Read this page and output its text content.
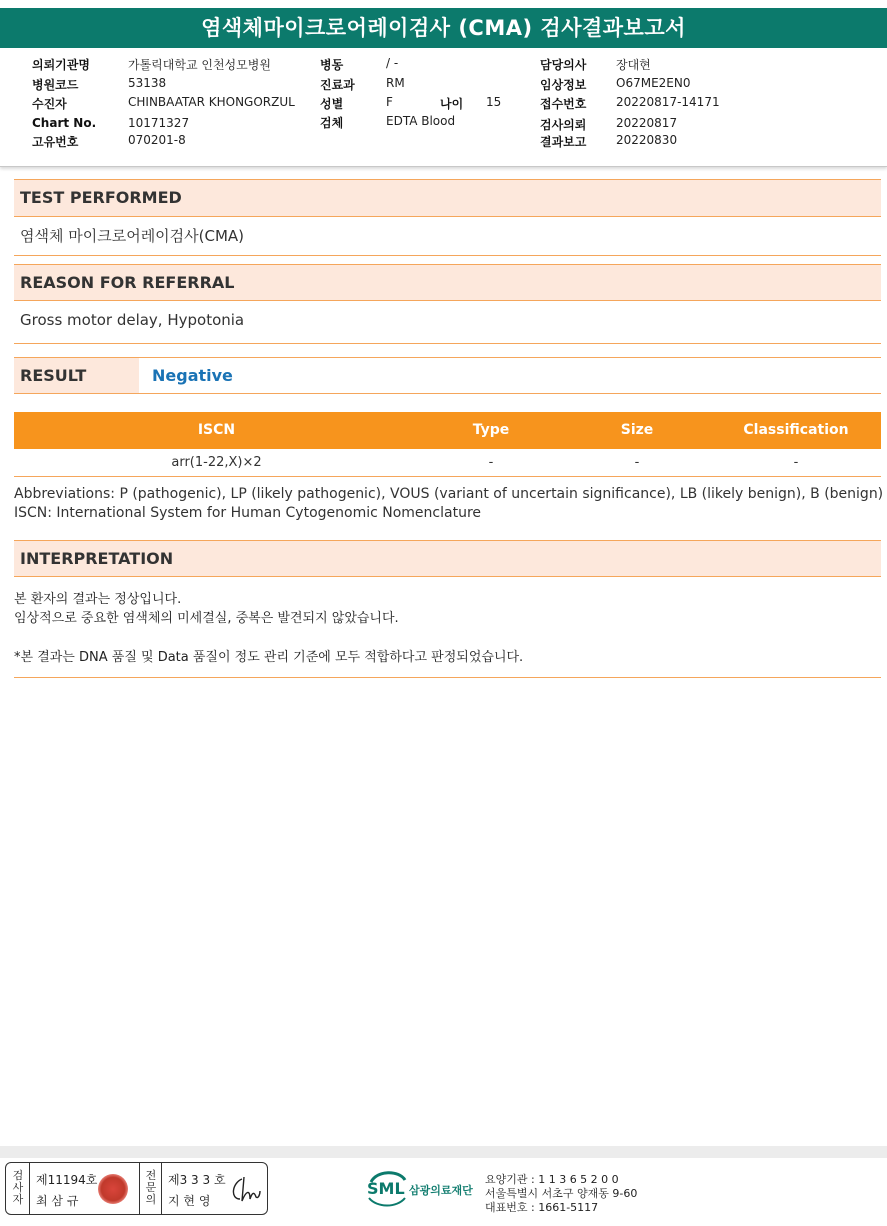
염색체마이크로어레이검사 (CMA) 검사결과보고서
의뢰기관명	가톨릭대학교 인천성모병원
병원코드	53138
수진자	CHINBAATAR KHONGORZUL
Chart No.	10171327
고유번호	070201-8
병동	/ -
진료과	RM
성별	F	나이 15
검체	EDTA Blood
담당의사 장대현
임상정보 O67ME2EN0
접수번호 20220817-14171
검사의뢰 20220817
결과보고 20220830
TEST PERFORMED
염색체 마이크로어레이검사(CMA)
REASON FOR REFERRAL
Gross motor delay, Hypotonia
RESULT	Negative
ISCN	Type	Size	Classification
arr(1-22,X)×2	-	-	-
Abbreviations: P (pathogenic), LP (likely pathogenic), VOUS (variant of uncertain significance), LB (likely benign), B (benign)
ISCN: International System for Human Cytogenomic Nomenclature
INTERPRETATION
본 환자의 결과는 정상입니다.
임상적으로 중요한 염색체의 미세결실, 중복은 발견되지 않았습니다.
*본 결과는 DNA 품질 및 Data 품질이 정도 관리 기준에 모두 적합하다고 판정되었습니다.
검
사
자
제11194호
최 삼 규
전
문
의
제3 3 3 호
지 현 영
SML 삼광의료재단
요양기관 : 1 1 3 6 5 2 0 0
서울특별시 서초구 양재동 9-60
대표번호 : 1661-5117
